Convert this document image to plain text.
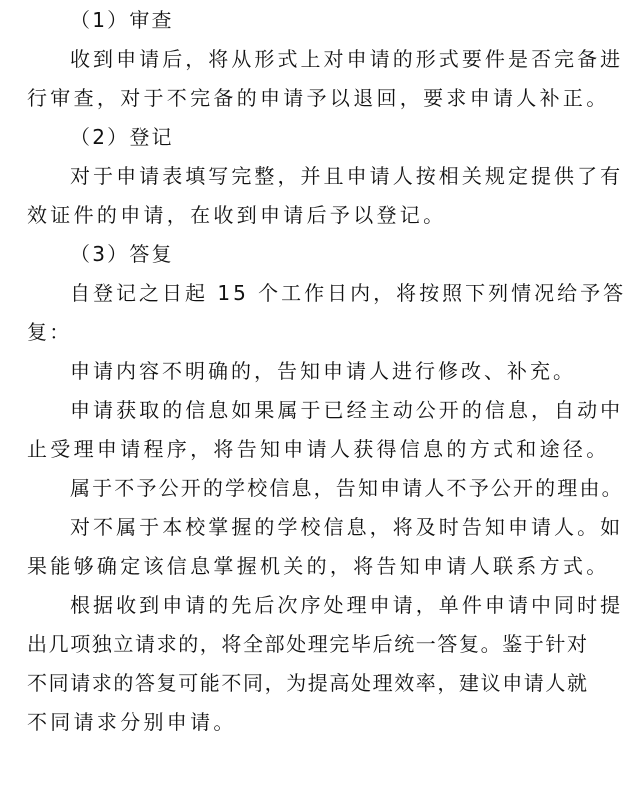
（1）审查
收到申请后，将从形式上对申请的形式要件是否完备进
行审查，对于不完备的申请予以退回，要求申请人补正。
（2）登记
对于申请表填写完整，并且申请人按相关规定提供了有
效证件的申请，在收到申请后予以登记。
（3）答复
自登记之日起 15 个工作日内，将按照下列情况给予答
复：
申请内容不明确的，告知申请人进行修改、补充。
申请获取的信息如果属于已经主动公开的信息，自动中
止受理申请程序，将告知申请人获得信息的方式和途径。
属于不予公开的学校信息，告知申请人不予公开的理由。
对不属于本校掌握的学校信息，将及时告知申请人。如
果能够确定该信息掌握机关的，将告知申请人联系方式。
根据收到申请的先后次序处理申请，单件申请中同时提
出几项独立请求的，将全部处理完毕后统一答复。鉴于针对
不同请求的答复可能不同，为提高处理效率，建议申请人就
不同请求分别申请。
